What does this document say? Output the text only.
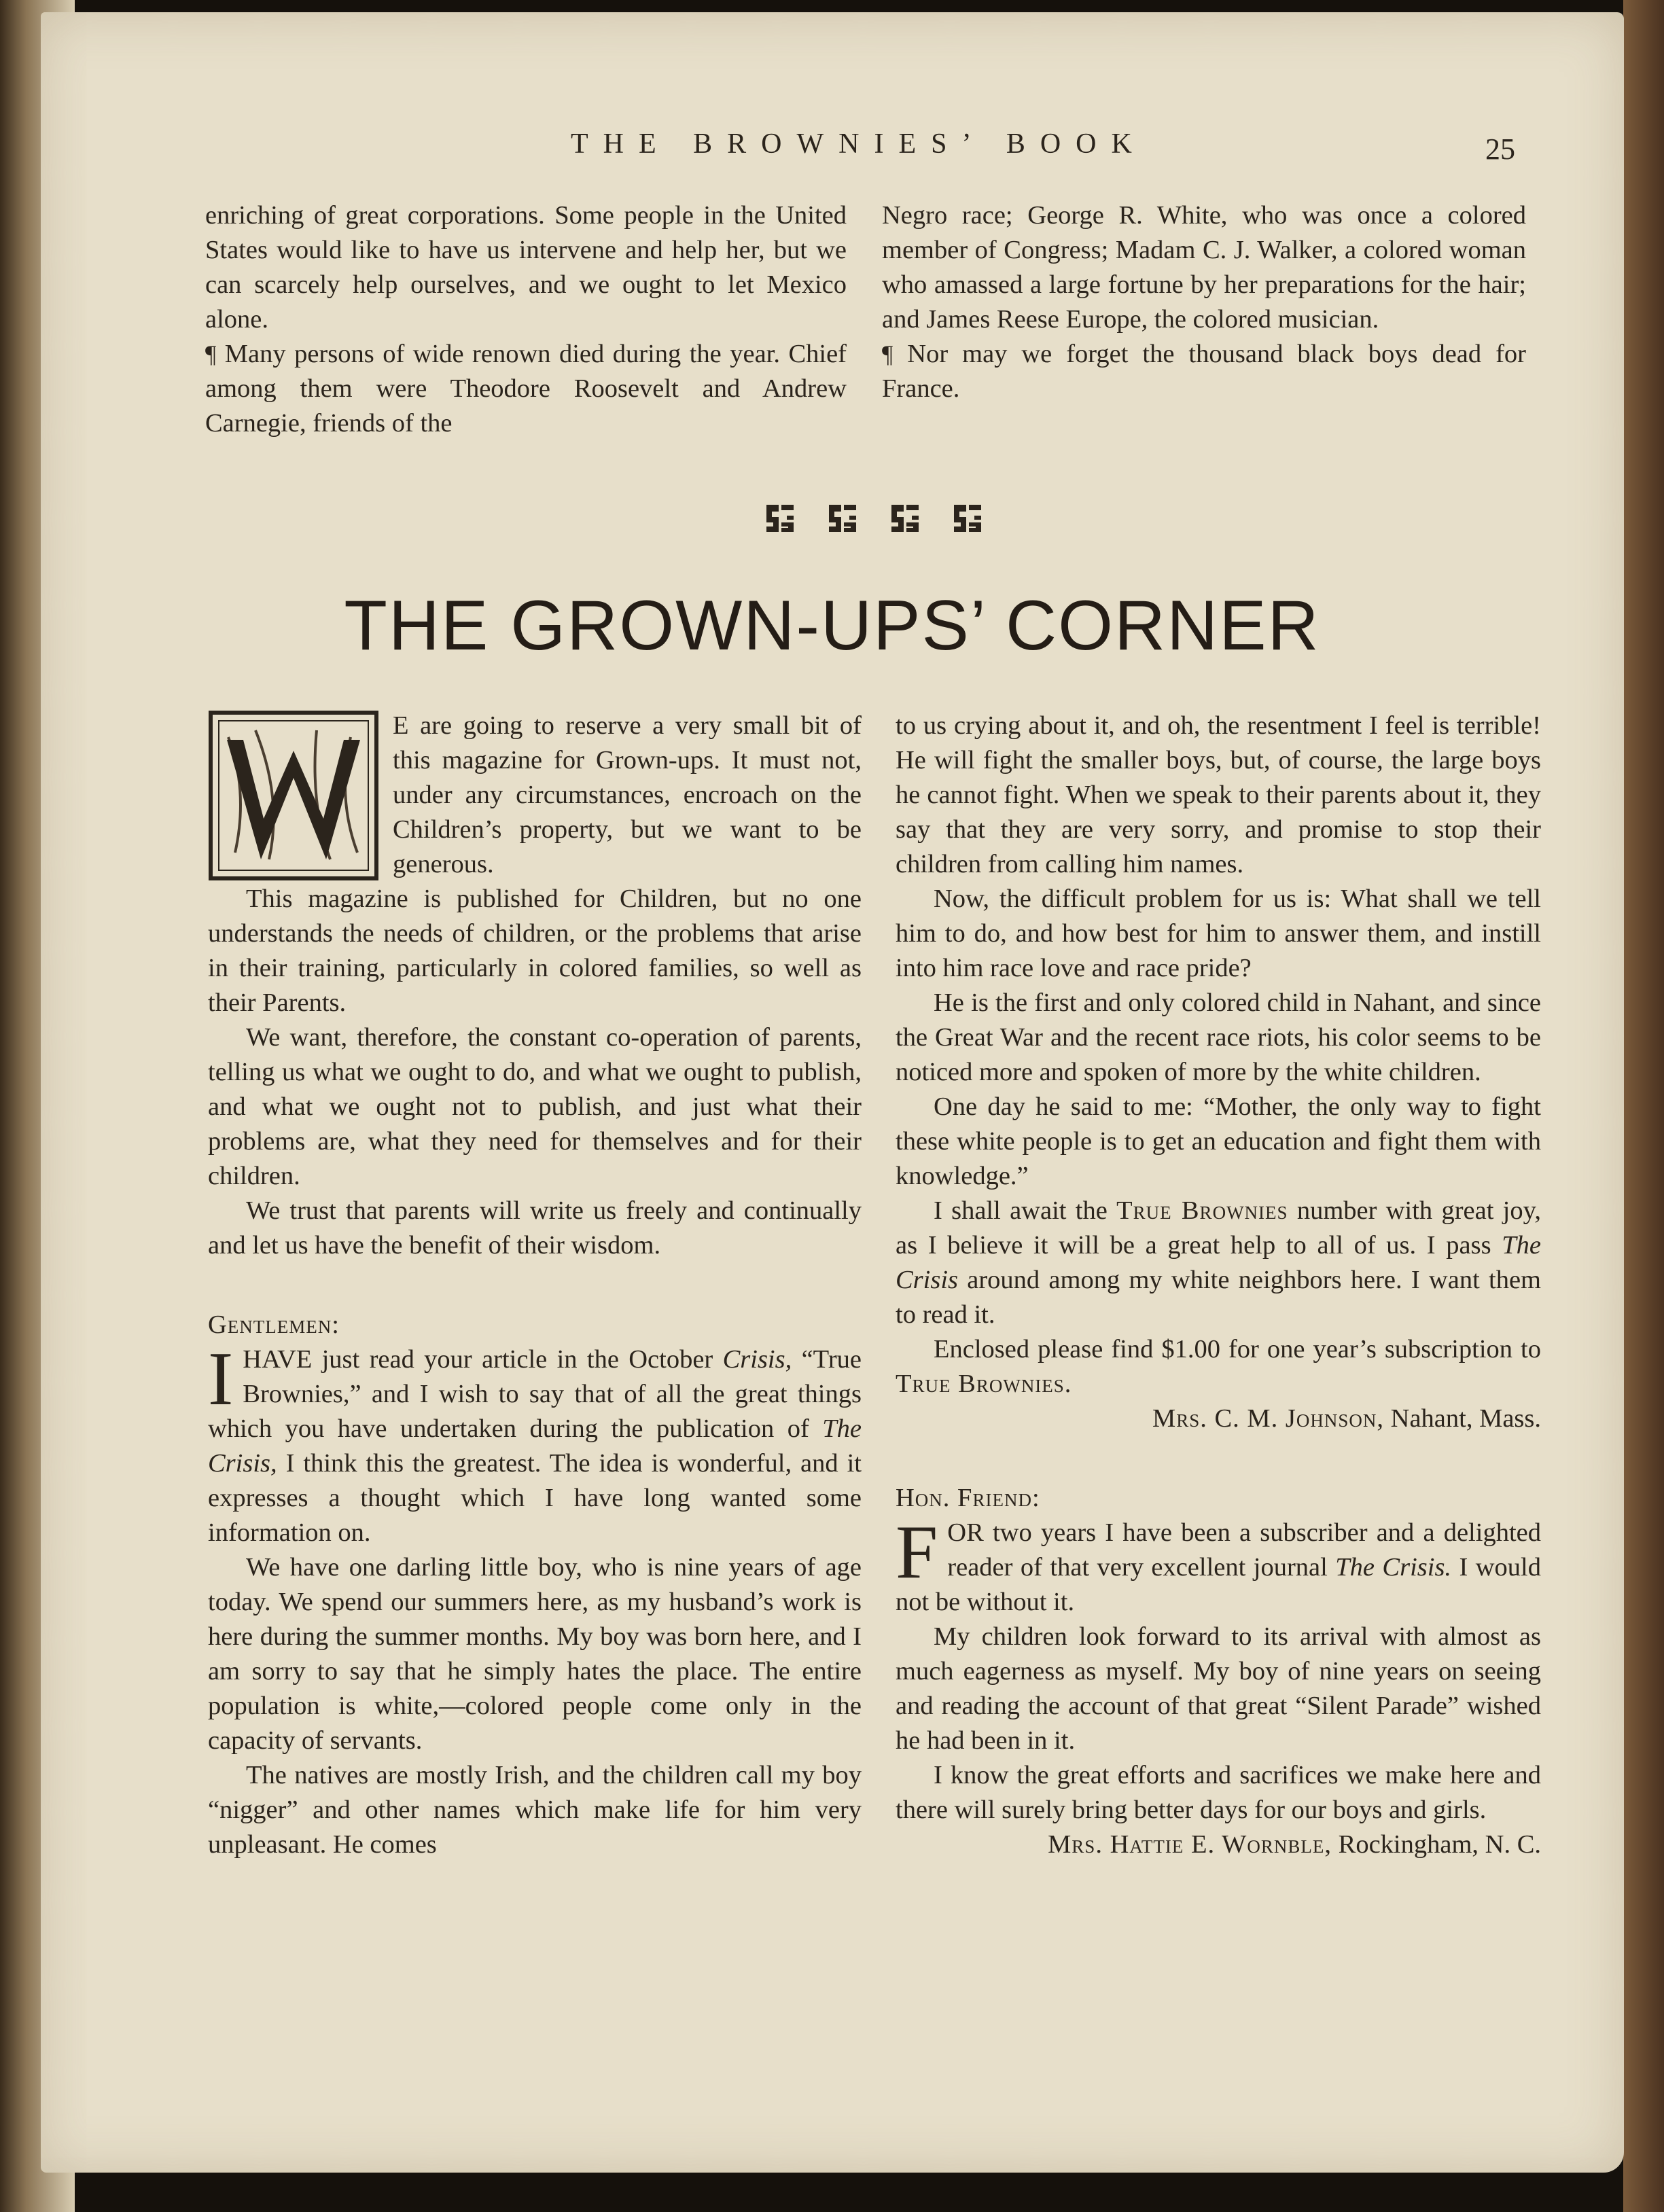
THE BROWNIES’ BOOK	25

enriching of great corporations. Some people in the United States would like to have us intervene and help her, but we can scarcely help ourselves, and we ought to let Mexico alone.

¶ Many persons of wide renown died during the year. Chief among them were Theodore Roosevelt and Andrew Carnegie, friends of the

Negro race; George R. White, who was once a colored member of Congress; Madam C. J. Walker, a colored woman who amassed a large fortune by her preparations for the hair; and James Reese Europe, the colored musician.

¶ Nor may we forget the thousand black boys dead for France.

THE GROWN-UPS’ CORNER

E are going to reserve a very small bit of this magazine for Grown-ups. It must not, under any circumstances, encroach on the Children’s property, but we want to be generous.

This magazine is published for Children, but no one understands the needs of children, or the problems that arise in their training, particularly in colored families, so well as their Parents.

We want, therefore, the constant co-operation of parents, telling us what we ought to do, and what we ought to publish, and what we ought not to publish, and just what their problems are, what they need for themselves and for their children.

We trust that parents will write us freely and continually and let us have the benefit of their wisdom.

Gentlemen:

IHAVE just read your article in the October Crisis, “True Brownies,” and I wish to say that of all the great things which you have undertaken during the publication of The Crisis, I think this the greatest. The idea is wonderful, and it expresses a thought which I have long wanted some information on.

We have one darling little boy, who is nine years of age today. We spend our summers here, as my husband’s work is here during the summer months. My boy was born here, and I am sorry to say that he simply hates the place. The entire population is white,—colored people come only in the capacity of servants.

The natives are mostly Irish, and the children call my boy “nigger” and other names which make life for him very unpleasant. He comes

to us crying about it, and oh, the resentment I feel is terrible! He will fight the smaller boys, but, of course, the large boys he cannot fight. When we speak to their parents about it, they say that they are very sorry, and promise to stop their children from calling him names.

Now, the difficult problem for us is: What shall we tell him to do, and how best for him to answer them, and instill into him race love and race pride?

He is the first and only colored child in Nahant, and since the Great War and the recent race riots, his color seems to be noticed more and spoken of more by the white children.

One day he said to me: “Mother, the only way to fight these white people is to get an education and fight them with knowledge.”

I shall await the True Brownies number with great joy, as I believe it will be a great help to all of us. I pass The Crisis around among my white neighbors here. I want them to read it.

Enclosed please find $1.00 for one year’s subscription to True Brownies.

Mrs. C. M. Johnson, Nahant, Mass.

Hon. Friend:

FOR two years I have been a subscriber and a delighted reader of that very excellent journal The Crisis. I would not be without it.

My children look forward to its arrival with almost as much eagerness as myself. My boy of nine years on seeing and reading the account of that great “Silent Parade” wished he had been in it.

I know the great efforts and sacrifices we make here and there will surely bring better days for our boys and girls.

Mrs. Hattie E. Wornble, Rockingham, N. C.
